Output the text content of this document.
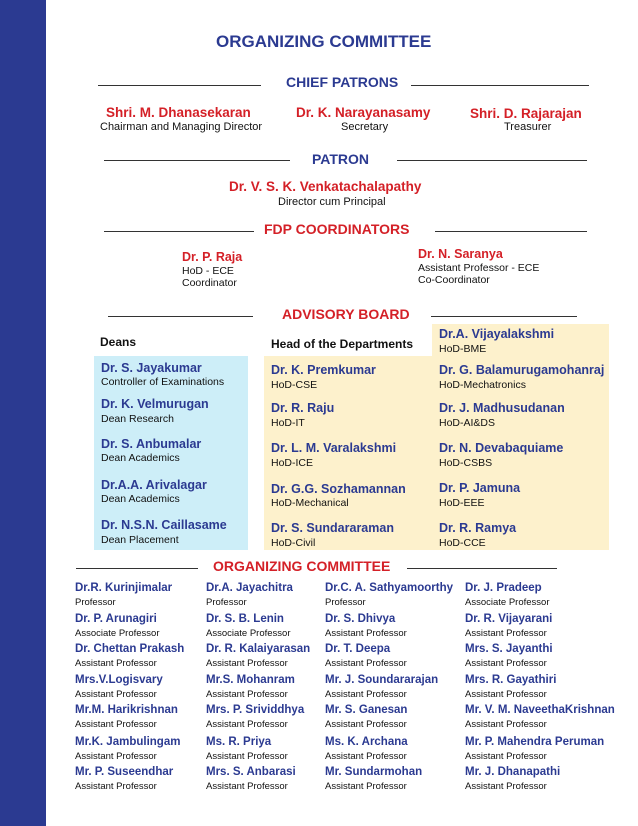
ORGANIZING COMMITTEE
CHIEF PATRONS
Shri. M. Dhanasekaran
Chairman and Managing Director
Dr. K. Narayanasamy
Secretary
Shri. D. Rajarajan
Treasurer
PATRON
Dr. V. S. K. Venkatachalapathy
Director cum Principal
FDP COORDINATORS
Dr. P. Raja
HoD - ECE
Coordinator
Dr. N. Saranya
Assistant Professor - ECE
Co-Coordinator
ADVISORY BOARD
Deans	Head of the Departments
Dr. S. Jayakumar
Controller of Examinations
Dr. K. Velmurugan
Dean Research
Dr. S. Anbumalar
Dean Academics
Dr.A.A. Arivalagar
Dean Academics
Dr. N.S.N. Caillasame
Dean Placement
Dr. K. Premkumar
HoD-CSE
Dr. R. Raju
HoD-IT
Dr. L. M. Varalakshmi
HoD-ICE
Dr. G.G. Sozhamannan
HoD-Mechanical
Dr. S. Sundararaman
HoD-Civil
Dr.A. Vijayalakshmi
HoD-BME
Dr. G. Balamurugamohanraj
HoD-Mechatronics
Dr. J. Madhusudanan
HoD-AI&DS
Dr. N. Devabaquiame
HoD-CSBS
Dr. P. Jamuna
HoD-EEE
Dr. R. Ramya
HoD-CCE
ORGANIZING COMMITTEE
Dr.R. Kurinjimalar
Professor
Dr. P. Arunagiri
Associate Professor
Dr. Chettan Prakash
Assistant Professor
Mrs.V.Logisvary
Assistant Professor
Mr.M. Harikrishnan
Assistant Professor
Mr.K. Jambulingam
Assistant Professor
Mr. P. Suseendhar
Assistant Professor
Dr.A. Jayachitra
Professor
Dr. S. B. Lenin
Associate Professor
Dr. R. Kalaiyarasan
Assistant Professor
Mr.S. Mohanram
Assistant Professor
Mrs. P. Srividdhya
Assistant Professor
Ms. R. Priya
Assistant Professor
Mrs. S. Anbarasi
Assistant Professor
Dr.C. A. Sathyamoorthy
Professor
Dr. S. Dhivya
Assistant Professor
Dr. T. Deepa
Assistant Professor
Mr. J. Soundararajan
Assistant Professor
Mr. S. Ganesan
Assistant Professor
Ms. K. Archana
Assistant Professor
Mr. Sundarmohan
Assistant Professor
Dr. J. Pradeep
Associate Professor
Dr. R. Vijayarani
Assistant Professor
Mrs. S. Jayanthi
Assistant Professor
Mrs. R. Gayathiri
Assistant Professor
Mr. V. M. NaveethaKrishnan
Assistant Professor
Mr. P. Mahendra Peruman
Assistant Professor
Mr. J. Dhanapathi
Assistant Professor
